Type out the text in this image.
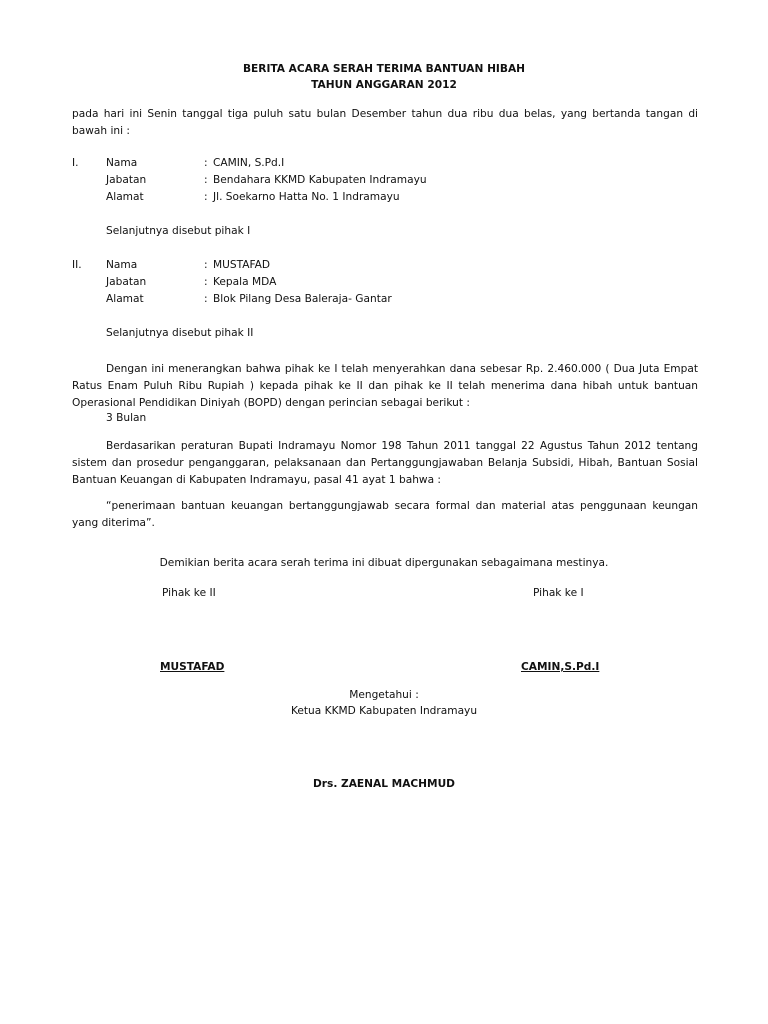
BERITA ACARA SERAH TERIMA BANTUAN HIBAH
TAHUN ANGGARAN 2012
pada hari ini Senin tanggal tiga puluh satu bulan Desember tahun dua ribu dua belas, yang bertanda tangan di bawah ini :
I.	Nama	: CAMIN, S.Pd.I
Jabatan	: Bendahara KKMD Kabupaten Indramayu
Alamat	: Jl. Soekarno Hatta No. 1 Indramayu
Selanjutnya disebut pihak I
II. Nama	: MUSTAFAD
Jabatan	: Kepala MDA
Alamat	: Blok Pilang Desa Baleraja- Gantar
Selanjutnya disebut pihak II
Dengan ini menerangkan bahwa pihak ke I telah menyerahkan dana sebesar Rp. 2.460.000 ( Dua Juta Empat Ratus Enam Puluh Ribu Rupiah ) kepada pihak ke II dan pihak ke II telah menerima dana hibah untuk bantuan Operasional Pendidikan Diniyah (BOPD) dengan perincian sebagai berikut :
3 Bulan
Berdasarikan peraturan Bupati Indramayu Nomor 198 Tahun 2011 tanggal 22 Agustus Tahun 2012 tentang sistem dan prosedur penganggaran, pelaksanaan dan Pertanggungjawaban Belanja Subsidi, Hibah, Bantuan Sosial Bantuan Keuangan di Kabupaten Indramayu, pasal 41 ayat 1 bahwa :
“penerimaan bantuan keuangan bertanggungjawab secara formal dan material atas penggunaan keungan yang diterima”.
Demikian berita acara serah terima ini dibuat dipergunakan sebagaimana mestinya.
Pihak ke II	Pihak ke I
MUSTAFAD	CAMIN,S.Pd.I
Mengetahui :
Ketua KKMD Kabupaten Indramayu
Drs. ZAENAL MACHMUD
